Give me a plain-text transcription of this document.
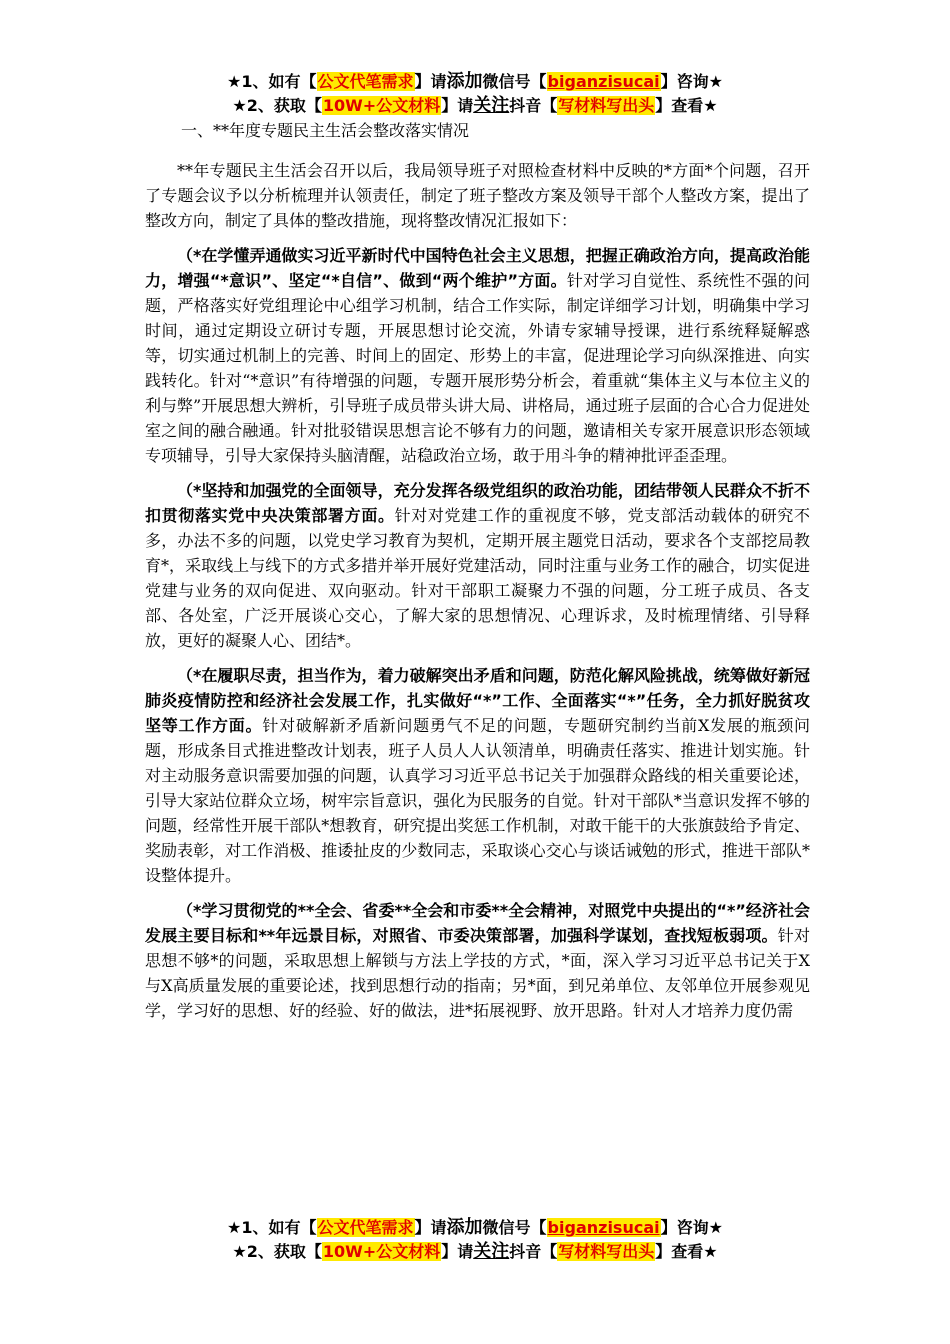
★1、如有【公文代笔需求】请添加微信号【biganzisucai】咨询★
★2、获取【10W+公文材料】请关注抖音【写材料写出头】查看★
一、**年度专题民主生活会整改落实情况

**年专题民主生活会召开以后，我局领导班子对照检查材料中反映的*方面*个问题，召开了专题会议予以分析梳理并认领责任，制定了班子整改方案及领导干部个人整改方案，提出了整改方向，制定了具体的整改措施，现将整改情况汇报如下：

（*在学懂弄通做实习近平新时代中国特色社会主义思想，把握正确政治方向，提高政治能力，增强“*意识”、坚定“*自信”、做到“两个维护”方面。针对学习自觉性、系统性不强的问题，严格落实好党组理论中心组学习机制，结合工作实际，制定详细学习计划，明确集中学习时间，通过定期设立研讨专题，开展思想讨论交流，外请专家辅导授课，进行系统释疑解惑等，切实通过机制上的完善、时间上的固定、形势上的丰富，促进理论学习向纵深推进、向实践转化。针对“*意识”有待增强的问题，专题开展形势分析会，着重就“集体主义与本位主义的利与弊”开展思想大辨析，引导班子成员带头讲大局、讲格局，通过班子层面的合心合力促进处室之间的融合融通。针对批驳错误思想言论不够有力的问题，邀请相关专家开展意识形态领域专项辅导，引导大家保持头脑清醒，站稳政治立场，敢于用斗争的精神批评歪歪理。

（*坚持和加强党的全面领导，充分发挥各级党组织的政治功能，团结带领人民群众不折不扣贯彻落实党中央决策部署方面。针对对党建工作的重视度不够，党支部活动载体的研究不多，办法不多的问题，以党史学习教育为契机，定期开展主题党日活动，要求各个支部挖局教育*，采取线上与线下的方式多措并举开展好党建活动，同时注重与业务工作的融合，切实促进党建与业务的双向促进、双向驱动。针对干部职工凝聚力不强的问题，分工班子成员、各支部、各处室，广泛开展谈心交心，了解大家的思想情况、心理诉求，及时梳理情绪、引导释放，更好的凝聚人心、团结*。

（*在履职尽责，担当作为，着力破解突出矛盾和问题，防范化解风险挑战，统筹做好新冠肺炎疫情防控和经济社会发展工作，扎实做好“*”工作、全面落实“*”任务，全力抓好脱贫攻坚等工作方面。针对破解新矛盾新问题勇气不足的问题，专题研究制约当前X发展的瓶颈问题，形成条目式推进整改计划表，班子人员人人认领清单，明确责任落实、推进计划实施。针对主动服务意识需要加强的问题，认真学习习近平总书记关于加强群众路线的相关重要论述，引导大家站位群众立场，树牢宗旨意识，强化为民服务的自觉。针对干部队*当意识发挥不够的问题，经常性开展干部队*想教育，研究提出奖惩工作机制，对敢干能干的大张旗鼓给予肯定、奖励表彰，对工作消极、推诿扯皮的少数同志，采取谈心交心与谈话诫勉的形式，推进干部队*设整体提升。

（*学习贯彻党的**全会、省委**全会和市委**全会精神，对照党中央提出的“*”经济社会发展主要目标和**年远景目标，对照省、市委决策部署，加强科学谋划，查找短板弱项。针对思想不够*的问题，采取思想上解锁与方法上学技的方式，*面，深入学习习近平总书记关于X与X高质量发展的重要论述，找到思想行动的指南；另*面，到兄弟单位、友邻单位开展参观见学，学习好的思想、好的经验、好的做法，进*拓展视野、放开思路。针对人才培养力度仍需

★1、如有【公文代笔需求】请添加微信号【biganzisucai】咨询★
★2、获取【10W+公文材料】请关注抖音【写材料写出头】查看★
